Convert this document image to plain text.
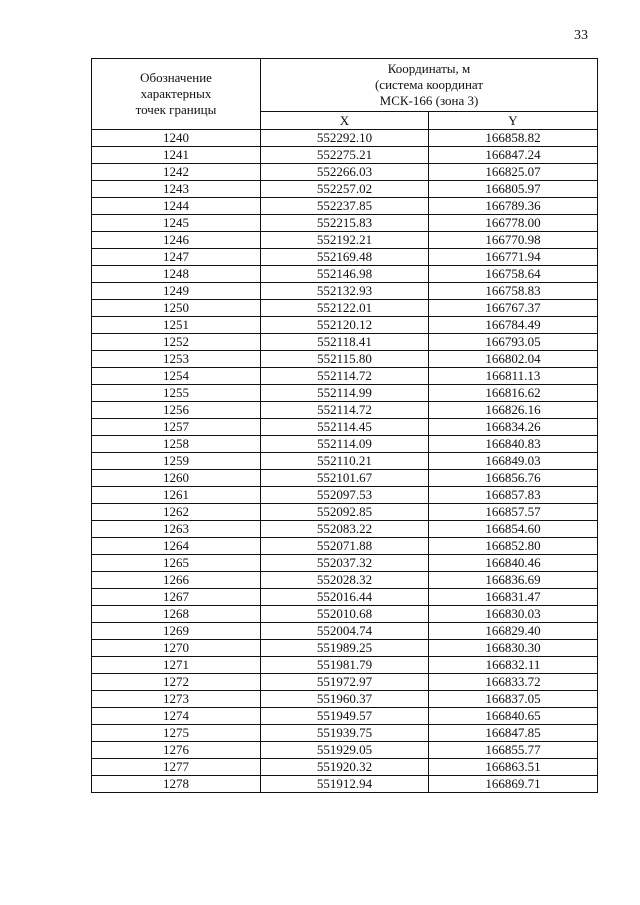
33
Обозначение
характерных
точек границы	Координаты, м
(система координат
МСК-166 (зона 3)	

	X	Y
1240	552292.10	166858.82
1241	552275.21	166847.24
1242	552266.03	166825.07
1243	552257.02	166805.97
1244	552237.85	166789.36
1245	552215.83	166778.00
1246	552192.21	166770.98
1247	552169.48	166771.94
1248	552146.98	166758.64
1249	552132.93	166758.83
1250	552122.01	166767.37
1251	552120.12	166784.49
1252	552118.41	166793.05
1253	552115.80	166802.04
1254	552114.72	166811.13
1255	552114.99	166816.62
1256	552114.72	166826.16
1257	552114.45	166834.26
1258	552114.09	166840.83
1259	552110.21	166849.03
1260	552101.67	166856.76
1261	552097.53	166857.83
1262	552092.85	166857.57
1263	552083.22	166854.60
1264	552071.88	166852.80
1265	552037.32	166840.46
1266	552028.32	166836.69
1267	552016.44	166831.47
1268	552010.68	166830.03
1269	552004.74	166829.40
1270	551989.25	166830.30
1271	551981.79	166832.11
1272	551972.97	166833.72
1273	551960.37	166837.05
1274	551949.57	166840.65
1275	551939.75	166847.85
1276	551929.05	166855.77
1277	551920.32	166863.51
1278	551912.94	166869.71
